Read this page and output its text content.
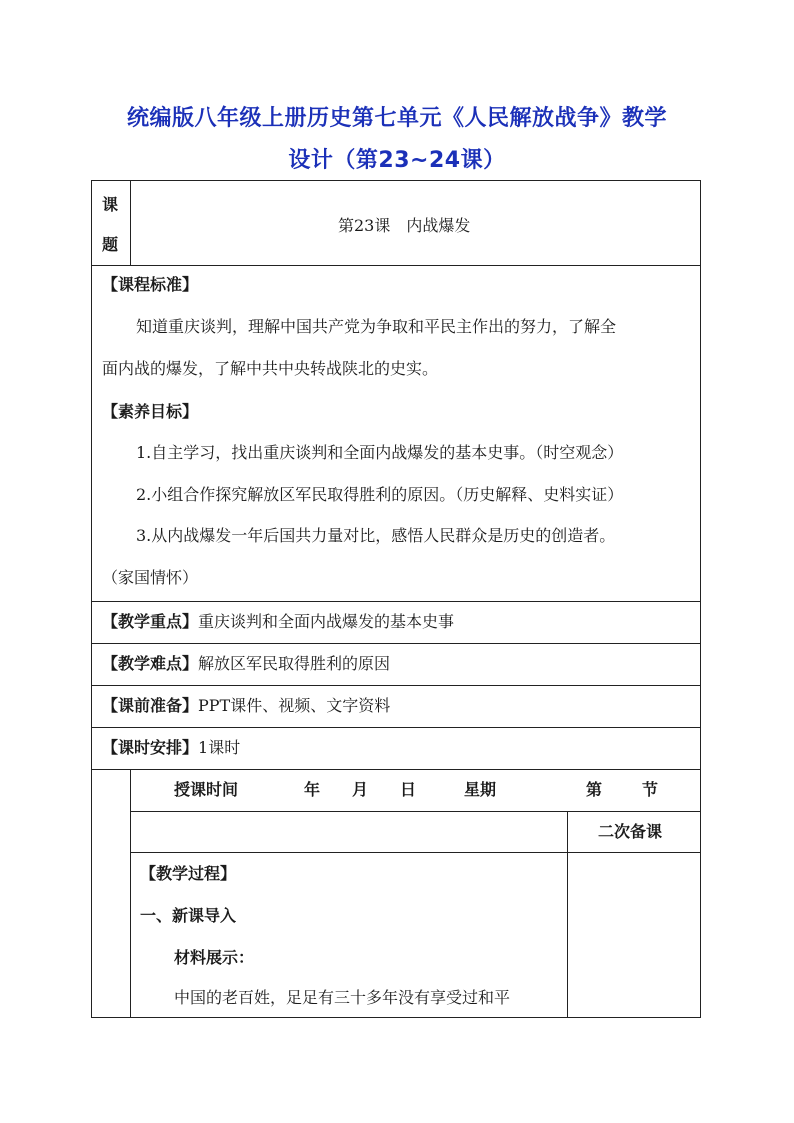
统编版八年级上册历史第七单元《人民解放战争》教学
设计（第23~24课）
课
题
第23课　内战爆发
【课程标准】
知道重庆谈判，理解中国共产党为争取和平民主作出的努力，了解全
面内战的爆发，了解中共中央转战陕北的史实。
【素养目标】
1.自主学习，找出重庆谈判和全面内战爆发的基本史事。（时空观念）
2.小组合作探究解放区军民取得胜利的原因。（历史解释、史料实证）
3.从内战爆发一年后国共力量对比，感悟人民群众是历史的创造者。
（家国情怀）
【教学重点】重庆谈判和全面内战爆发的基本史事
【教学难点】解放区军民取得胜利的原因
【课前准备】PPT课件、视频、文字资料
【课时安排】1课时
授课时间	年 月 日	星期	第 节
二次备课
【教学过程】
一、新课导入
材料展示：
中国的老百姓，足足有三十多年没有享受过和平
